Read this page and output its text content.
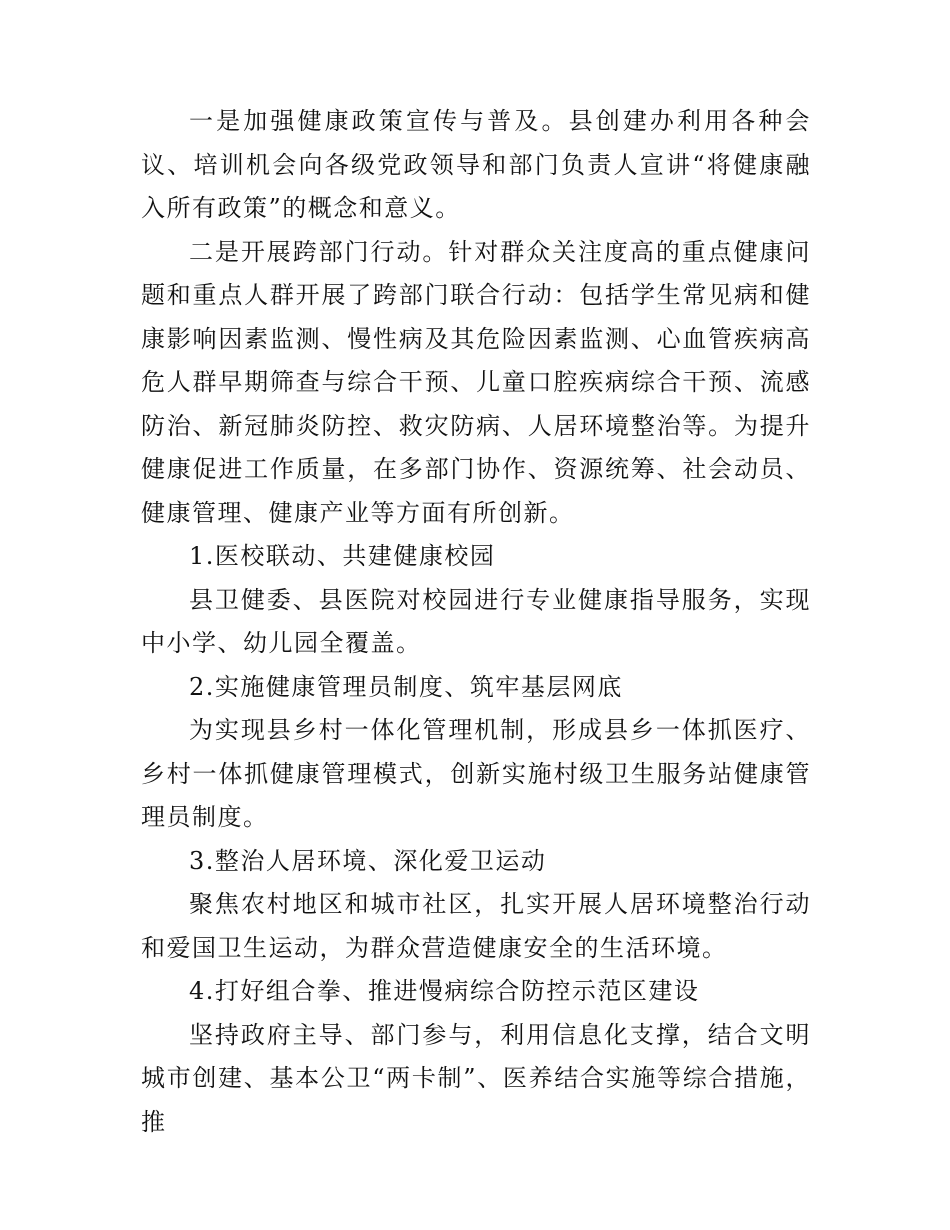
一是加强健康政策宣传与普及。县创建办利用各种会议、培训机会向各级党政领导和部门负责人宣讲“将健康融入所有政策”的概念和意义。

二是开展跨部门行动。针对群众关注度高的重点健康问题和重点人群开展了跨部门联合行动：包括学生常见病和健康影响因素监测、慢性病及其危险因素监测、心血管疾病高危人群早期筛查与综合干预、儿童口腔疾病综合干预、流感防治、新冠肺炎防控、救灾防病、人居环境整治等。为提升健康促进工作质量，在多部门协作、资源统筹、社会动员、健康管理、健康产业等方面有所创新。

1.医校联动、共建健康校园

县卫健委、县医院对校园进行专业健康指导服务，实现中小学、幼儿园全覆盖。

2.实施健康管理员制度、筑牢基层网底

为实现县乡村一体化管理机制，形成县乡一体抓医疗、乡村一体抓健康管理模式，创新实施村级卫生服务站健康管理员制度。

3.整治人居环境、深化爱卫运动

聚焦农村地区和城市社区，扎实开展人居环境整治行动和爱国卫生运动，为群众营造健康安全的生活环境。

4.打好组合拳、推进慢病综合防控示范区建设

坚持政府主导、部门参与，利用信息化支撑，结合文明城市创建、基本公卫“两卡制”、医养结合实施等综合措施，推
